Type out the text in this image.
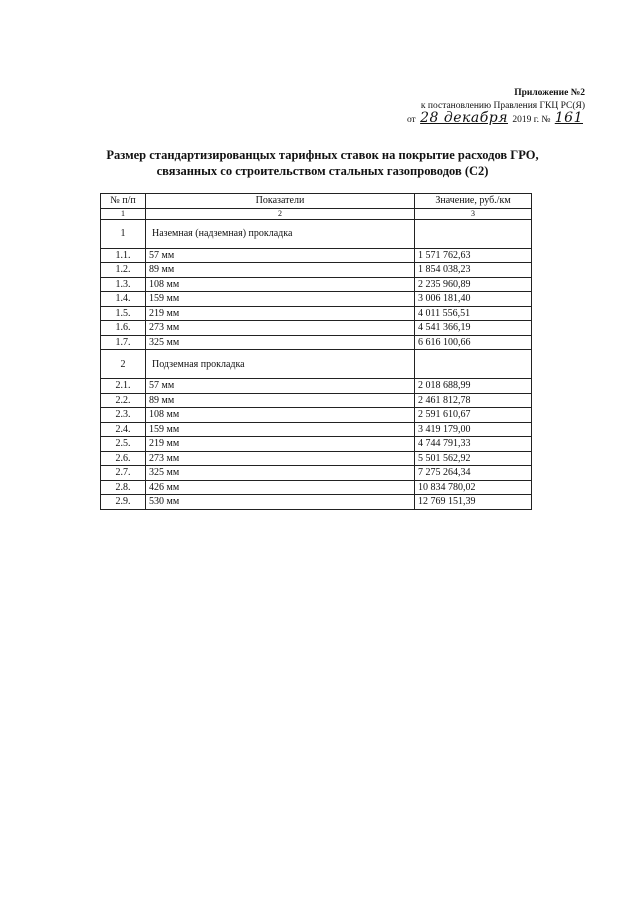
Приложение №2
к постановлению Правления ГКЦ РС(Я)
от 28 декабря 2019 г. № 161
Размер стандартизированцых тарифных ставок на покрытие расходов ГРО,
связанных со строительством стальных газопроводов (С2)
№ п/п	Показатели	Значение, руб./км
1	2	3
1	Наземная (надземная) прокладка	
1.1.	57 мм	1 571 762,63
1.2.	89 мм	1 854 038,23
1.3.	108 мм	2 235 960,89
1.4.	159 мм	3 006 181,40
1.5.	219 мм	4 011 556,51
1.6.	273 мм	4 541 366,19
1.7.	325 мм	6 616 100,66
2	Подземная прокладка	
2.1.	57 мм	2 018 688,99
2.2.	89 мм	2 461 812,78
2.3.	108 мм	2 591 610,67
2.4.	159 мм	3 419 179,00
2.5.	219 мм	4 744 791,33
2.6.	273 мм	5 501 562,92
2.7.	325 мм	7 275 264,34
2.8.	426 мм	10 834 780,02
2.9.	530 мм	12 769 151,39
